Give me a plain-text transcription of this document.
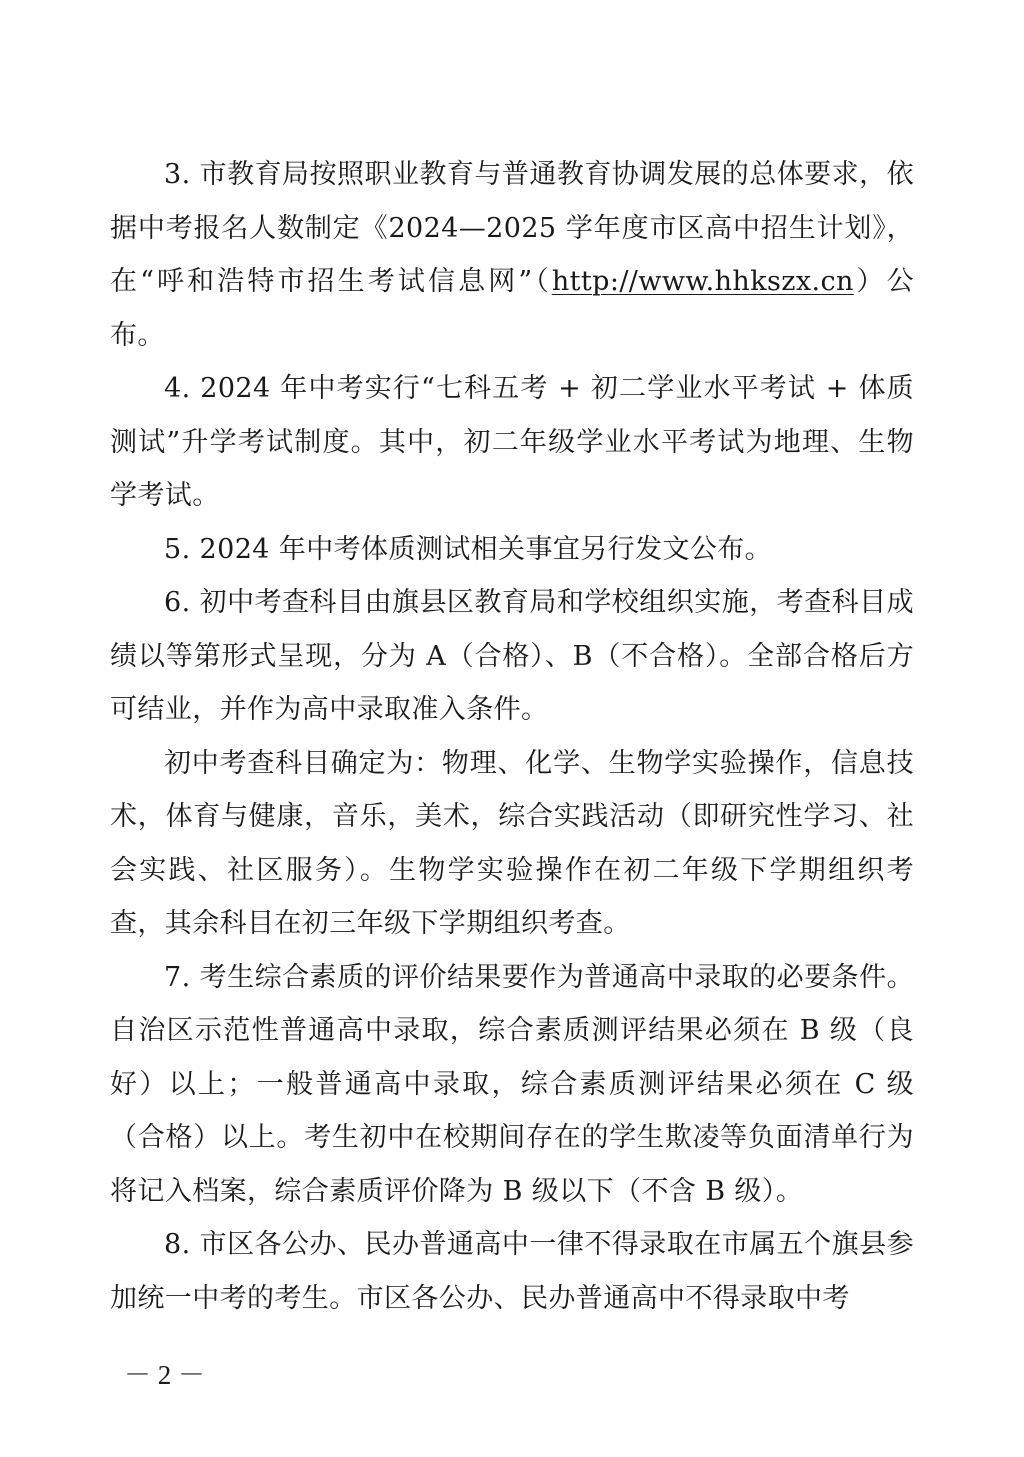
3. 市教育局按照职业教育与普通教育协调发展的总体要求，依据中考报名人数制定《2024—2025 学年度市区高中招生计划》，在“呼和浩特市招生考试信息网”（http://www.hhkszx.cn）公布。

4. 2024 年中考实行“七科五考 + 初二学业水平考试 + 体质测试”升学考试制度。其中，初二年级学业水平考试为地理、生物学考试。

5. 2024 年中考体质测试相关事宜另行发文公布。

6. 初中考查科目由旗县区教育局和学校组织实施，考查科目成绩以等第形式呈现，分为 A（合格）、B（不合格）。全部合格后方可结业，并作为高中录取准入条件。

初中考查科目确定为：物理、化学、生物学实验操作，信息技术，体育与健康，音乐，美术，综合实践活动（即研究性学习、社会实践、社区服务）。生物学实验操作在初二年级下学期组织考查，其余科目在初三年级下学期组织考查。

7. 考生综合素质的评价结果要作为普通高中录取的必要条件。自治区示范性普通高中录取，综合素质测评结果必须在 B 级（良好）以上；一般普通高中录取，综合素质测评结果必须在 C 级（合格）以上。考生初中在校期间存在的学生欺凌等负面清单行为将记入档案，综合素质评价降为 B 级以下（不含 B 级）。

8. 市区各公办、民办普通高中一律不得录取在市属五个旗县参加统一中考的考生。市区各公办、民办普通高中不得录取中考

－ 2 －
